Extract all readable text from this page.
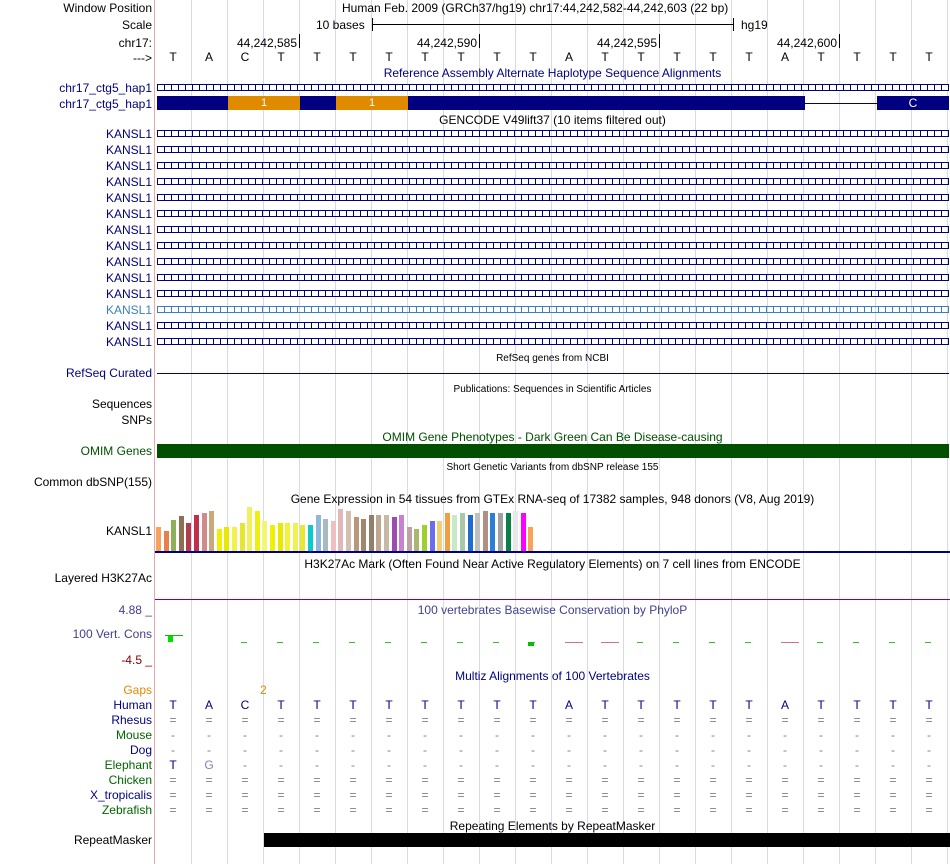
Window Position	Human Feb. 2009 (GRCh37/hg19) chr17:44,242,582-44,242,603 (22 bp)
Scale	10 bases	hg19
chr17:	44,242,585	44,242,590	44,242,595	44,242,600
--->	T	A	C	T	T	T	T	T	T	T	T	A	T	T	T	T	T	A	T	T	T	T
Reference Assembly Alternate Haplotype Sequence Alignments
chr17_ctg5_hap1
chr17_ctg5_hap1	1	1	C
GENCODE V49lift37 (10 items filtered out)
KANSL1
KANSL1
KANSL1
KANSL1
KANSL1
KANSL1
KANSL1
KANSL1
KANSL1
KANSL1
KANSL1
KANSL1
KANSL1
KANSL1
RefSeq genes from NCBI
RefSeq Curated
Publications: Sequences in Scientific Articles
Sequences
SNPs
OMIM Gene Phenotypes - Dark Green Can Be Disease-causing
OMIM Genes
Short Genetic Variants from dbSNP release 155
Common dbSNP(155)
Gene Expression in 54 tissues from GTEx RNA-seq of 17382 samples, 948 donors (V8, Aug 2019)
KANSL1
H3K27Ac Mark (Often Found Near Active Regulatory Elements) on 7 cell lines from ENCODE
Layered H3K27Ac
100 vertebrates Basewise Conservation by PhyloP
4.88 _
100 Vert. Cons
-4.5 _
Multiz Alignments of 100 Vertebrates
Gaps	2
Human	T	A	C	T	T	T	T	T	T	T	T	A	T	T	T	T	T	A	T	T	T	T
Rhesus	=	=	=	=	=	=	=	=	=	=	=	=	=	=	=	=	=	=	=	=	=	=
Mouse	-	-	-	-	-	-	-	-	-	-	-	-	-	-	-	-	-	-	-	-	-	-
Dog	-	-	-	-	-	-	-	-	-	-	-	-	-	-	-	-	-	-	-	-	-	-
Elephant	T	G	-	-	-	-	-	-	-	-	-	-	-	-	-	-	-	-	-	-	-	-
Chicken	=	=	=	=	=	=	=	=	=	=	=	=	=	=	=	=	=	=	=	=	=	=
X_tropicalis	=	=	=	=	=	=	=	=	=	=	=	=	=	=	=	=	=	=	=	=	=	=
Zebrafish	=	=	=	=	=	=	=	=	=	=	=	=	=	=	=	=	=	=	=	=	=	=
Repeating Elements by RepeatMasker
RepeatMasker
